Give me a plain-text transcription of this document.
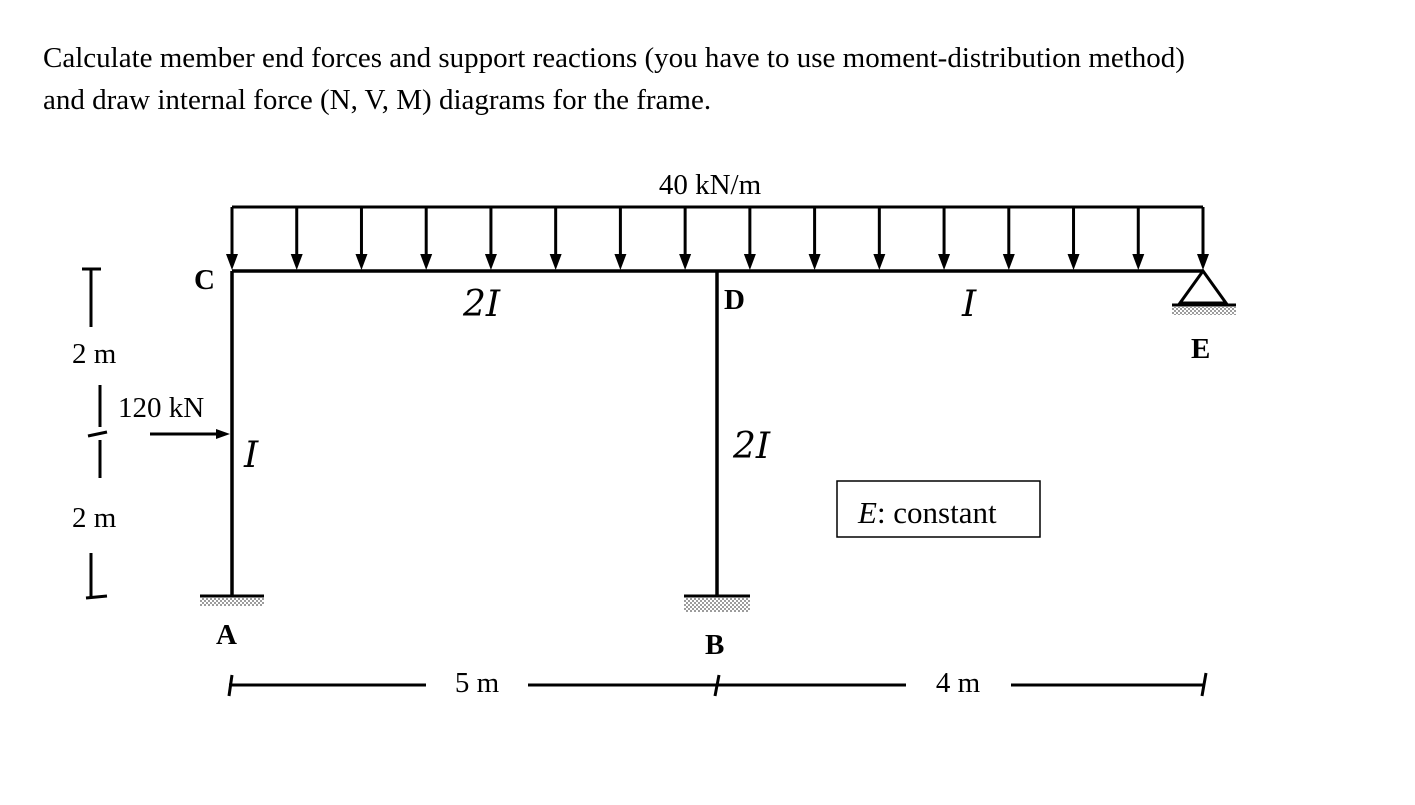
Calculate member end forces and support reactions (you have to use moment-distribution method)
and draw internal force (N, V, M) diagrams for the frame.
40 kN/m
120 kN
C
D
E
A	B
2I	I
I	2I
2 m
2 m
5 m	4 m
E: constant
